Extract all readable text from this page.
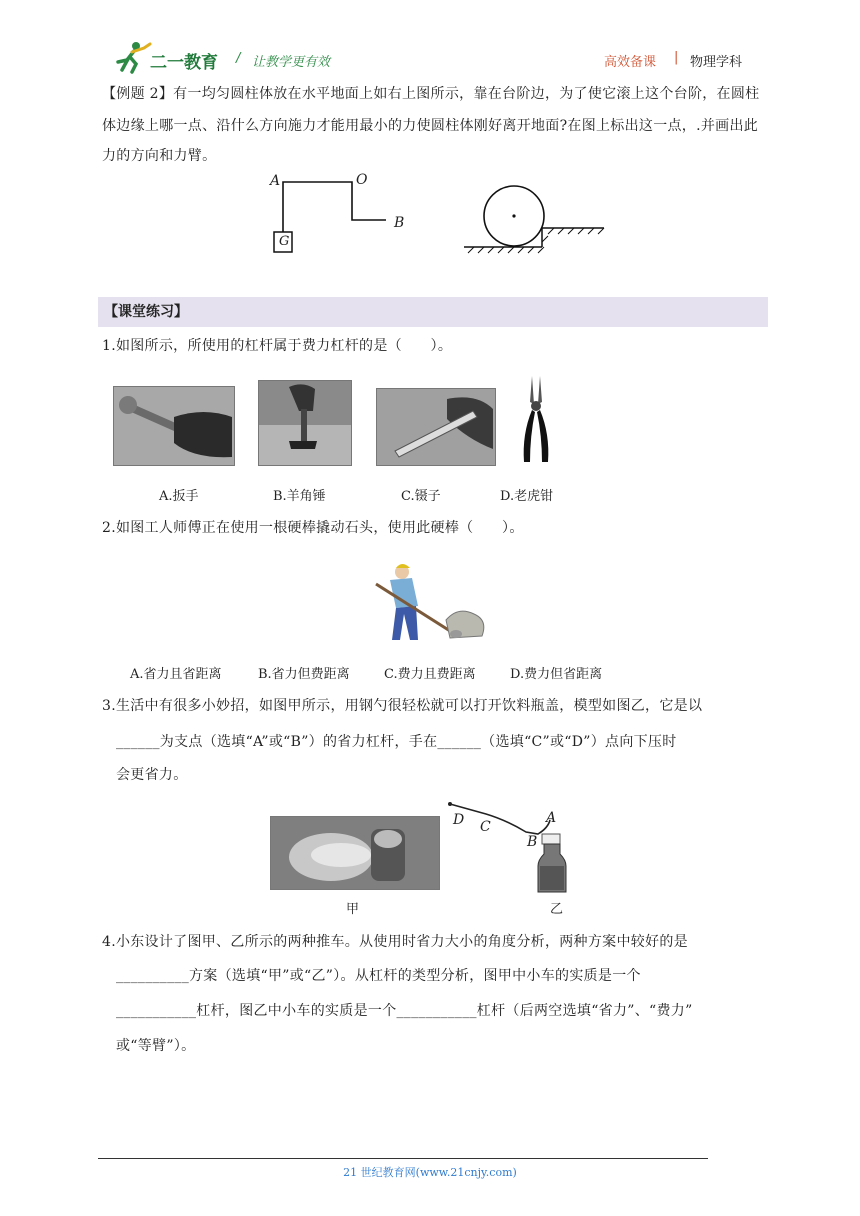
二一教育 / 让教学更有效	高效备课 | 物理学科
【例题 2】有一均匀圆柱体放在水平地面上如右上图所示，靠在台阶边，为了使它滚上这个台阶，在圆柱
体边缘上哪一点、沿什么方向施力才能用最小的力使圆柱体刚好离开地面?在图上标出这一点，.并画出此
力的方向和力臂。
A	O
B
G
【课堂练习】
1.如图所示，所使用的杠杆属于费力杠杆的是（　　）。
A.扳手	B.羊角锤	C.镊子	D.老虎钳
2.如图工人师傅正在使用一根硬棒撬动石头，使用此硬棒（　　）。
A.省力且省距离	B.省力但费距离	C.费力且费距离	D.费力但省距离
3.生活中有很多小妙招，如图甲所示，用钢勺很轻松就可以打开饮料瓶盖，模型如图乙，它是以
______为支点（选填“A”或“B”）的省力杠杆，手在______（选填“C”或“D”）点向下压时
会更省力。
D C
A
B
甲	乙
4.小东设计了图甲、乙所示的两种推车。从使用时省力大小的角度分析，两种方案中较好的是
__________方案（选填“甲”或“乙”）。从杠杆的类型分析，图甲中小车的实质是一个
___________杠杆，图乙中小车的实质是一个___________杠杆（后两空选填“省力”、“费力”
或“等臂”）。
21 世纪教育网(www.21cnjy.com)
